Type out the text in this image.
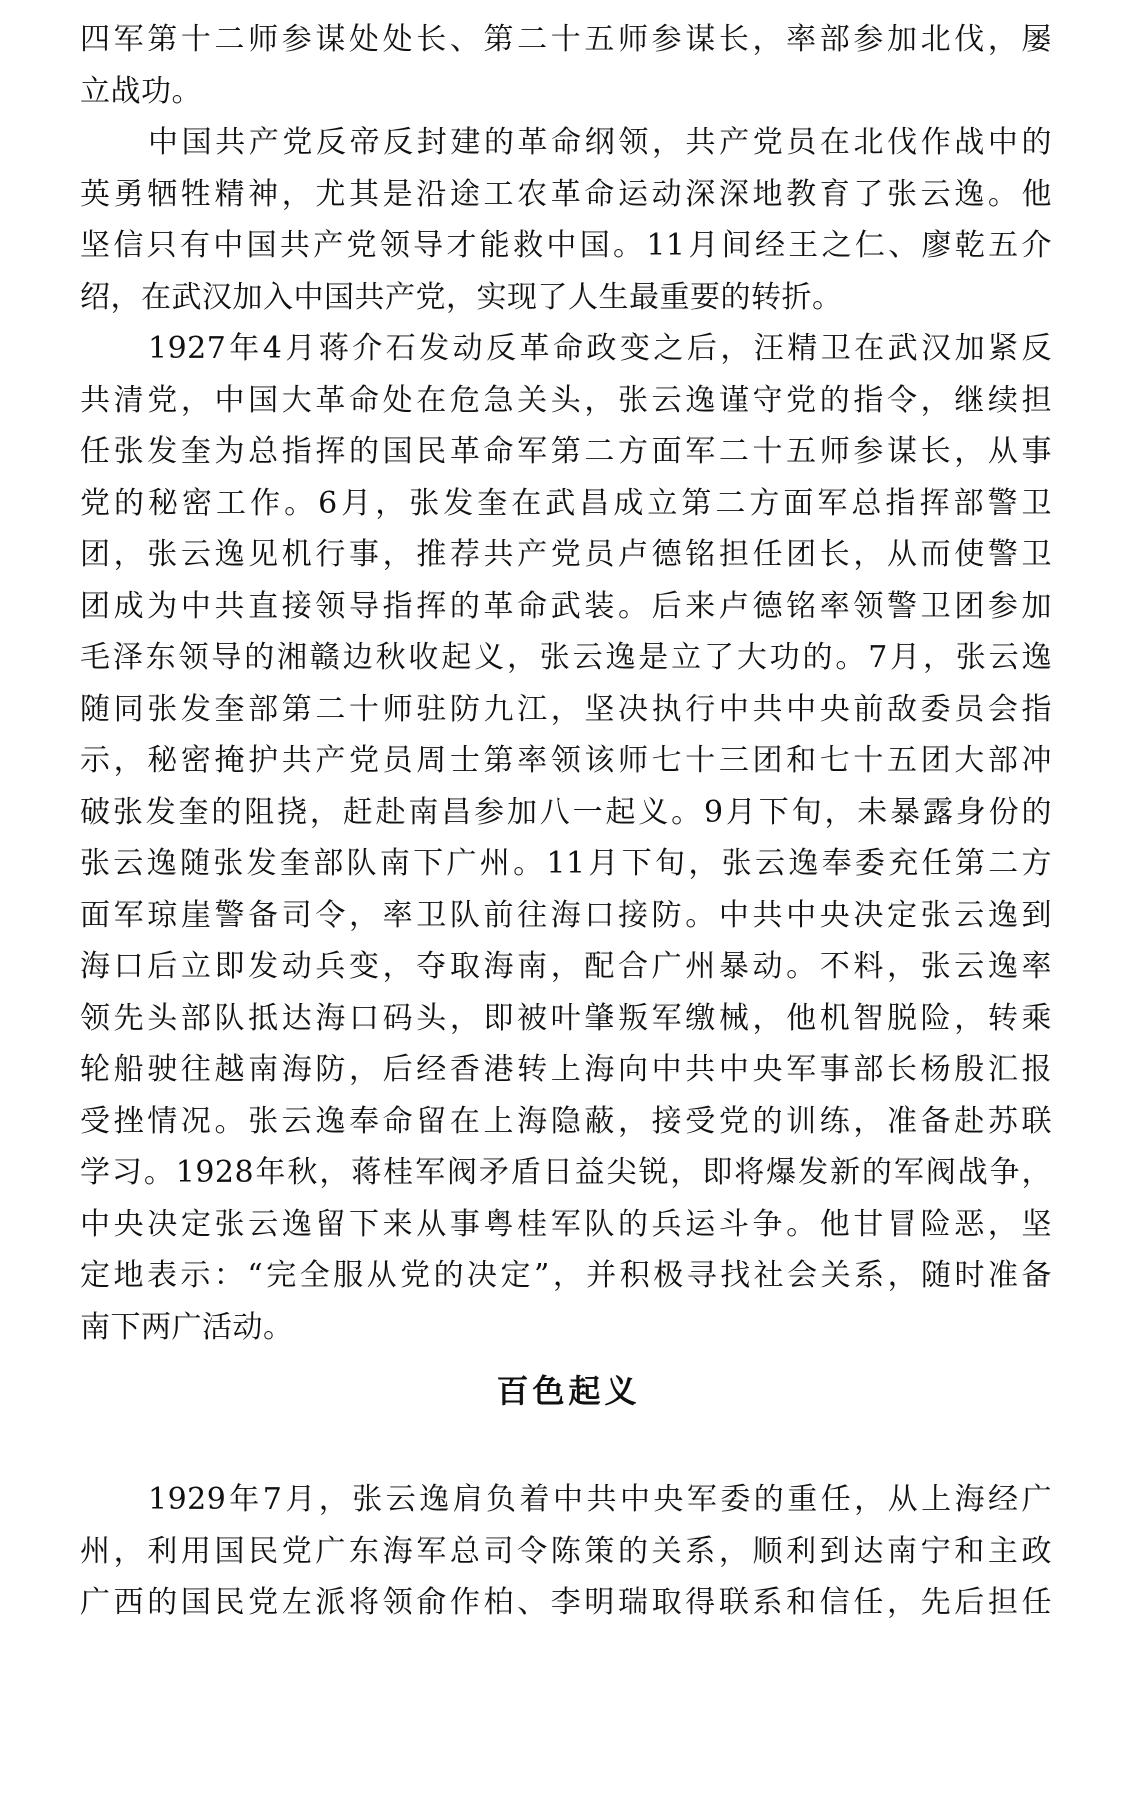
四军第十二师参谋处处长、第二十五师参谋长，率部参加北伐，屡
立战功。
中国共产党反帝反封建的革命纲领，共产党员在北伐作战中的
英勇牺牲精神，尤其是沿途工农革命运动深深地教育了张云逸。他
坚信只有中国共产党领导才能救中国。11月间经王之仁、廖乾五介
绍，在武汉加入中国共产党，实现了人生最重要的转折。
1927年4月蒋介石发动反革命政变之后，汪精卫在武汉加紧反
共清党，中国大革命处在危急关头，张云逸谨守党的指令，继续担
任张发奎为总指挥的国民革命军第二方面军二十五师参谋长，从事
党的秘密工作。6月，张发奎在武昌成立第二方面军总指挥部警卫
团，张云逸见机行事，推荐共产党员卢德铭担任团长，从而使警卫
团成为中共直接领导指挥的革命武装。后来卢德铭率领警卫团参加
毛泽东领导的湘赣边秋收起义，张云逸是立了大功的。7月，张云逸
随同张发奎部第二十师驻防九江，坚决执行中共中央前敌委员会指
示，秘密掩护共产党员周士第率领该师七十三团和七十五团大部冲
破张发奎的阻挠，赶赴南昌参加八一起义。9月下旬，未暴露身份的
张云逸随张发奎部队南下广州。11月下旬，张云逸奉委充任第二方
面军琼崖警备司令，率卫队前往海口接防。中共中央决定张云逸到
海口后立即发动兵变，夺取海南，配合广州暴动。不料，张云逸率
领先头部队抵达海口码头，即被叶肇叛军缴械，他机智脱险，转乘
轮船驶往越南海防，后经香港转上海向中共中央军事部长杨殷汇报
受挫情况。张云逸奉命留在上海隐蔽，接受党的训练，准备赴苏联
学习。1928年秋，蒋桂军阀矛盾日益尖锐，即将爆发新的军阀战争，
中央决定张云逸留下来从事粤桂军队的兵运斗争。他甘冒险恶，坚
定地表示：“完全服从党的决定”，并积极寻找社会关系，随时准备
南下两广活动。
百色起义
1929年7月，张云逸肩负着中共中央军委的重任，从上海经广
州，利用国民党广东海军总司令陈策的关系，顺利到达南宁和主政
广西的国民党左派将领俞作柏、李明瑞取得联系和信任，先后担任
